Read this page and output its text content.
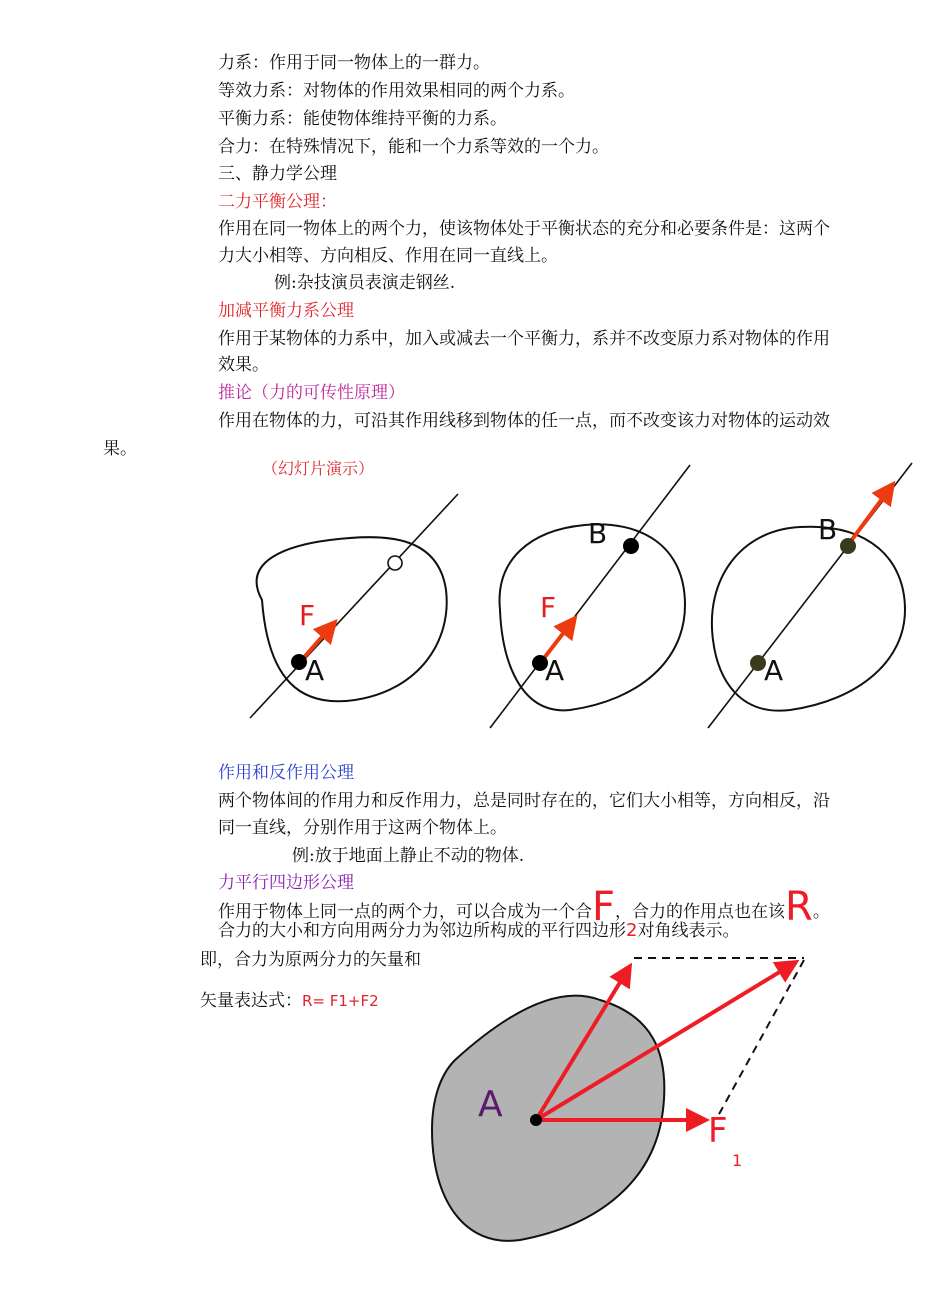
力系：作用于同一物体上的一群力。
等效力系：对物体的作用效果相同的两个力系。
平衡力系：能使物体维持平衡的力系。
合力：在特殊情况下，能和一个力系等效的一个力。
三、静力学公理
二力平衡公理：
作用在同一物体上的两个力，使该物体处于平衡状态的充分和必要条件是：这两个
力大小相等、方向相反、作用在同一直线上。
例:杂技演员表演走钢丝.
加减平衡力系公理
作用于某物体的力系中，加入或减去一个平衡力，系并不改变原力系对物体的作用
效果。
推论（力的可传性原理）
作用在物体的力，可沿其作用线移到物体的任一点，而不改变该力对物体的运动效
果。
（幻灯片演示）
F
A
F
A
B
A
B
作用和反作用公理
两个物体间的作用力和反作用力，总是同时存在的，它们大小相等，方向相反，沿
同一直线，分别作用于这两个物体上。
例:放于地面上静止不动的物体.
力平行四边形公理
作用于物体上同一点的两个力，可以合成为一个合F，合力的作用点也在该R。
合力的大小和方向用两分力为邻边所构成的平行四边形2对角线表示。
即，合力为原两分力的矢量和
矢量表达式：R= F1+F2
A
F
1
